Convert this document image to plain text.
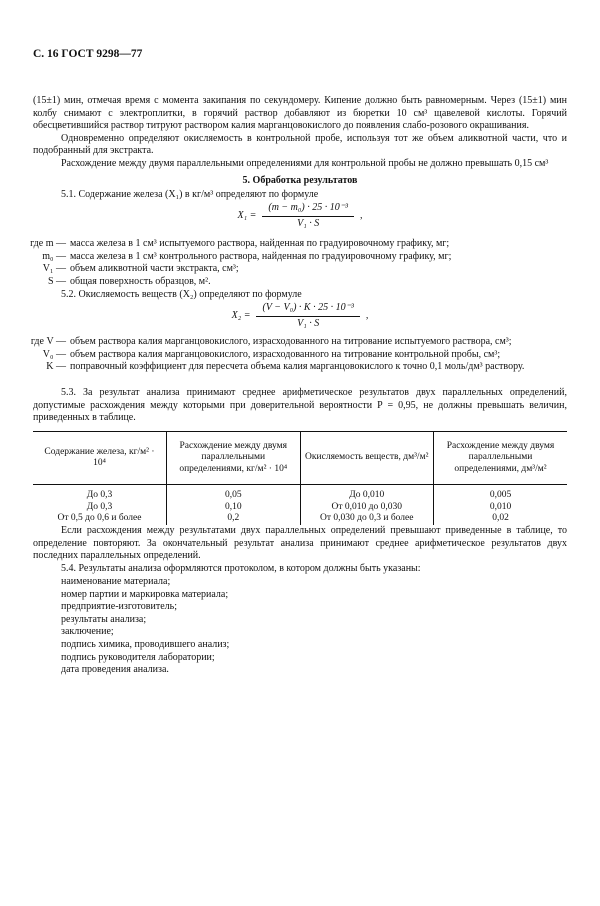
С. 16 ГОСТ 9298—77

(15±1) мин, отмечая время с момента закипания по секундомеру. Кипение должно быть равномерным. Через (15±1) мин колбу снимают с электроплитки, в горячий раствор добавляют из бюретки 10 см³ щавелевой кислоты. Горячий обесцветившийся раствор титруют раствором калия марганцовокислого до появления слабо-розового окрашивания.

Одновременно определяют окисляемость в контрольной пробе, используя тот же объем аликвотной части, что и подобранный для экстракта.

Расхождение между двумя параллельными определениями для контрольной пробы не должно превышать 0,15 см³

5. Обработка результатов
5.1. Содержание железа (X₁) в кг/м³ определяют по формуле
$X_1 = \frac{\text{(m − m₀) · 25 · 10⁻³}}{\text{V₁ · S}}$ ,
где m — масса железа в 1 см³ испытуемого раствора, найденная по градуировочному графику, мг;
m₀ — масса железа в 1 см³ контрольного раствора, найденная по градуировочному графику, мг;
V₁ — объем аликвотной части экстракта, см³;
S — общая поверхность образцов, м².
5.2. Окисляемость веществ (X₂) определяют по формуле
$X_2 = \frac{\text{(V − V₀) · K · 25 · 10⁻³}}{\text{V₁ · S}}$ ,
где V — объем раствора калия марганцовокислого, израсходованного на титрование испытуемого раствора, см³;
V₀ — объем раствора калия марганцовокислого, израсходованного на титрование контрольной пробы, см³;
K — поправочный коэффициент для пересчета объема калия марганцовокислого к точно 0,1 моль/дм³ раствору.
5.3. За результат анализа принимают среднее арифметическое результатов двух параллельных определений, допустимые расхождения между которыми при доверительной вероятности P = 0,95, не должны превышать величин, приведенных в таблице.
Содержание железа, кг/м² · 10⁴	Расхождение между двумя параллельными определениями, кг/м² · 10⁴	Окисляемость веществ, дм³/м²	Расхождение между двумя параллельными определениями, дм³/м²
До 0,3	0,05	До 0,010	0,005
До 0,3	0,10	От 0,010 до 0,030	0,010
От 0,5 до 0,6 и более	0,2	От 0,030 до 0,3 и более	0,02
Если расхождения между результатами двух параллельных определений превышают приведенные в таблице, то определение повторяют. За окончательный результат анализа принимают среднее арифметическое результатов двух последних параллельных определений.
5.4. Результаты анализа оформляются протоколом, в котором должны быть указаны:
наименование материала;
номер партии и маркировка материала;
предприятие-изготовитель;
результаты анализа;
заключение;
подпись химика, проводившего анализ;
подпись руководителя лаборатории;
дата проведения анализа.
